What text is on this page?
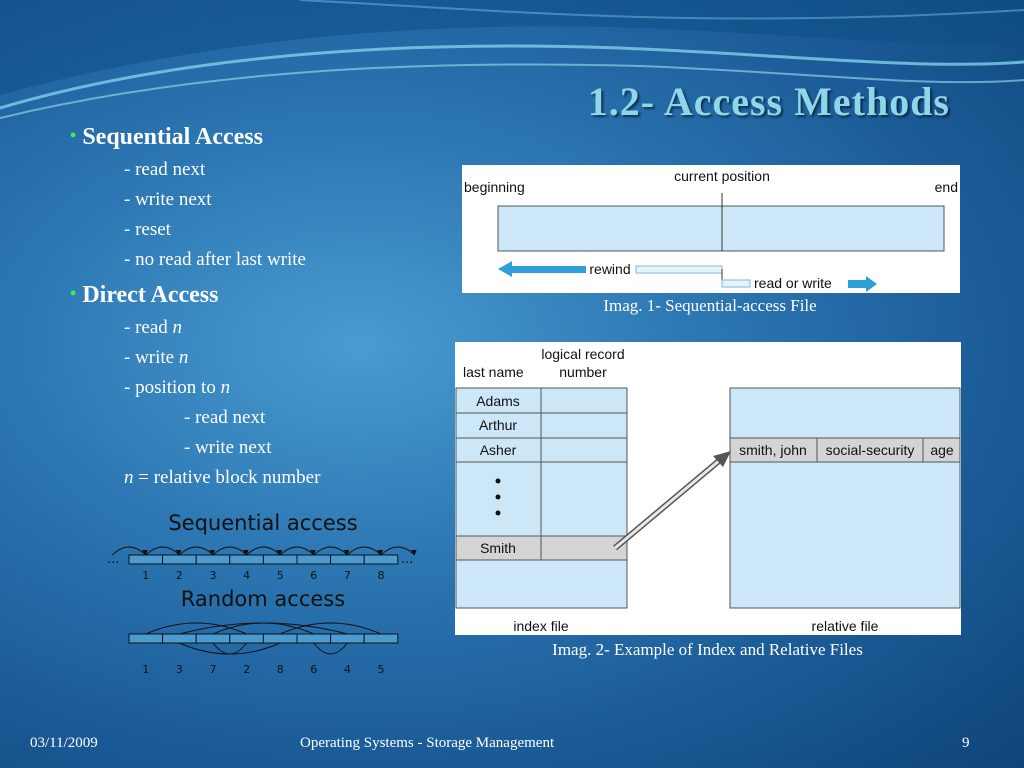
1.2- Access Methods
• Sequential Access
- read next
- write next
- reset
- no read after last write
• Direct Access
- read n
- write n
- position to n
- read next
- write next
n = relative block number
current position
beginning	end
rewind
read or write
Imag. 1- Sequential-access File
logical record
number
last name
Adams
Arthur
Asher
Smith
smith, john social-security age
index file	relative file
Imag. 2- Example of Index and Relative Files
Sequential access
...	...
1 2 3 4 5 6 7 8
Random access
1 3 7 2 8 6 4 5
03/11/2009	Operating Systems - Storage Management	9
